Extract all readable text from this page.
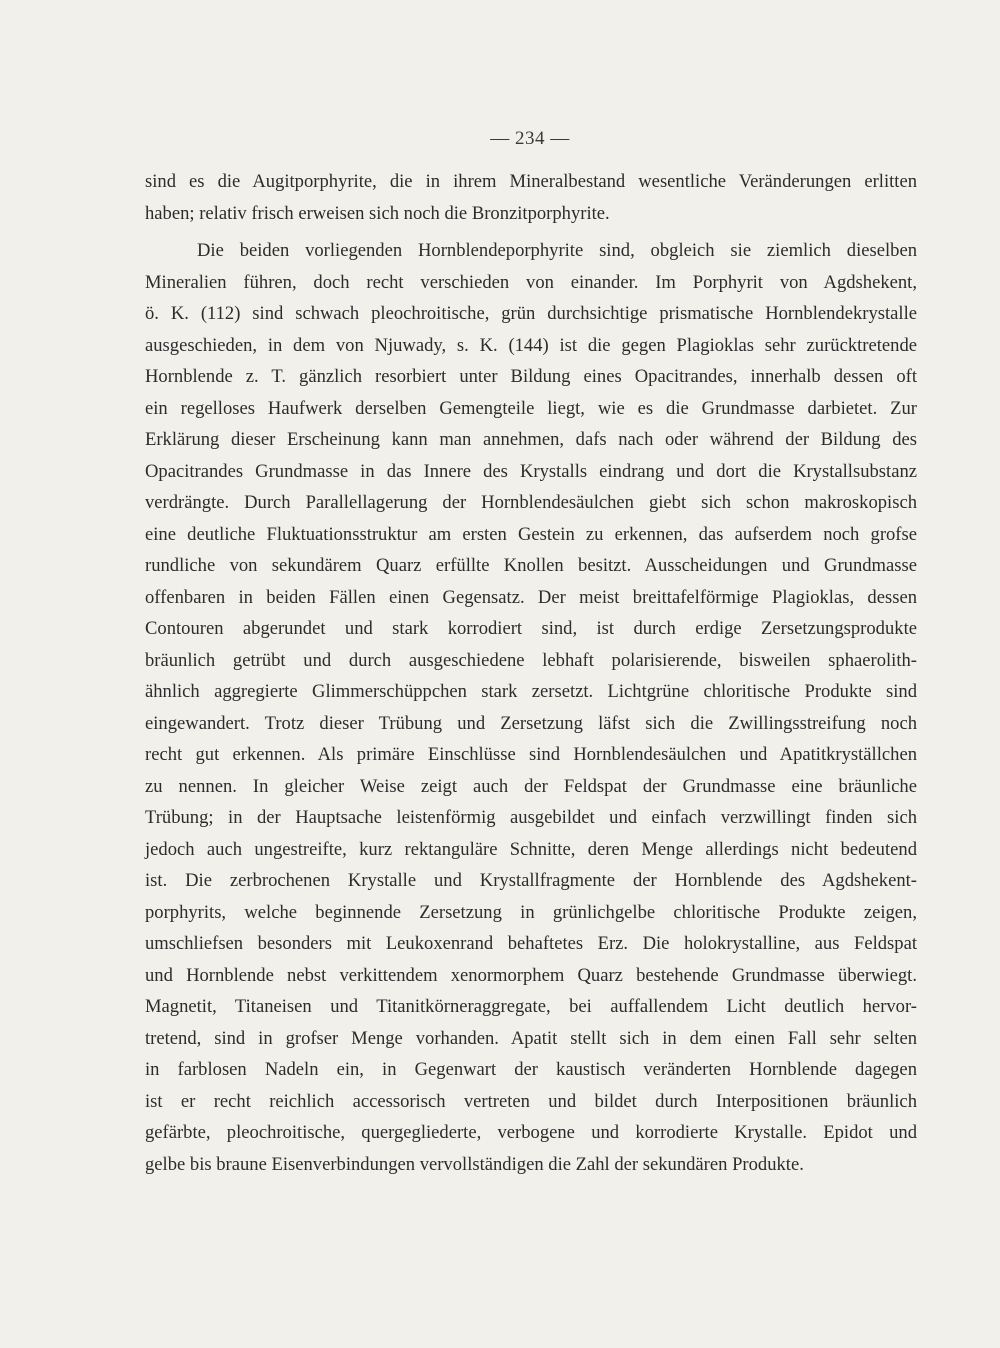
— 234 —
sind es die Augitporphyrite, die in ihrem Mineralbestand wesentliche Veränderungen erlitten
haben; relativ frisch erweisen sich noch die Bronzitporphyrite.
Die beiden vorliegenden Hornblendeporphyrite sind, obgleich sie ziemlich dieselben
Mineralien führen, doch recht verschieden von einander. Im Porphyrit von Agdshekent,
ö. K. (112) sind schwach pleochroitische, grün durchsichtige prismatische Hornblendekrystalle
ausgeschieden, in dem von Njuwady, s. K. (144) ist die gegen Plagioklas sehr zurücktretende
Hornblende z. T. gänzlich resorbiert unter Bildung eines Opacitrandes, innerhalb dessen oft
ein regelloses Haufwerk derselben Gemengteile liegt, wie es die Grundmasse darbietet. Zur
Erklärung dieser Erscheinung kann man annehmen, dafs nach oder während der Bildung des
Opacitrandes Grundmasse in das Innere des Krystalls eindrang und dort die Krystallsubstanz
verdrängte. Durch Parallellagerung der Hornblendesäulchen giebt sich schon makroskopisch
eine deutliche Fluktuationsstruktur am ersten Gestein zu erkennen, das aufserdem noch grofse
rundliche von sekundärem Quarz erfüllte Knollen besitzt. Ausscheidungen und Grundmasse
offenbaren in beiden Fällen einen Gegensatz. Der meist breittafelförmige Plagioklas, dessen
Contouren abgerundet und stark korrodiert sind, ist durch erdige Zersetzungsprodukte
bräunlich getrübt und durch ausgeschiedene lebhaft polarisierende, bisweilen sphaerolith-
ähnlich aggregierte Glimmerschüppchen stark zersetzt. Lichtgrüne chloritische Produkte sind
eingewandert. Trotz dieser Trübung und Zersetzung läfst sich die Zwillingsstreifung noch
recht gut erkennen. Als primäre Einschlüsse sind Hornblendesäulchen und Apatitkryställchen
zu nennen. In gleicher Weise zeigt auch der Feldspat der Grundmasse eine bräunliche
Trübung; in der Hauptsache leistenförmig ausgebildet und einfach verzwillingt finden sich
jedoch auch ungestreifte, kurz rektanguläre Schnitte, deren Menge allerdings nicht bedeutend
ist. Die zerbrochenen Krystalle und Krystallfragmente der Hornblende des Agdshekent-
porphyrits, welche beginnende Zersetzung in grünlichgelbe chloritische Produkte zeigen,
umschliefsen besonders mit Leukoxenrand behaftetes Erz. Die holokrystalline, aus Feldspat
und Hornblende nebst verkittendem xenormorphem Quarz bestehende Grundmasse überwiegt.
Magnetit, Titaneisen und Titanitkörneraggregate, bei auffallendem Licht deutlich hervor-
tretend, sind in grofser Menge vorhanden. Apatit stellt sich in dem einen Fall sehr selten
in farblosen Nadeln ein, in Gegenwart der kaustisch veränderten Hornblende dagegen
ist er recht reichlich accessorisch vertreten und bildet durch Interpositionen bräunlich
gefärbte, pleochroitische, quergegliederte, verbogene und korrodierte Krystalle. Epidot und
gelbe bis braune Eisenverbindungen vervollständigen die Zahl der sekundären Produkte.
